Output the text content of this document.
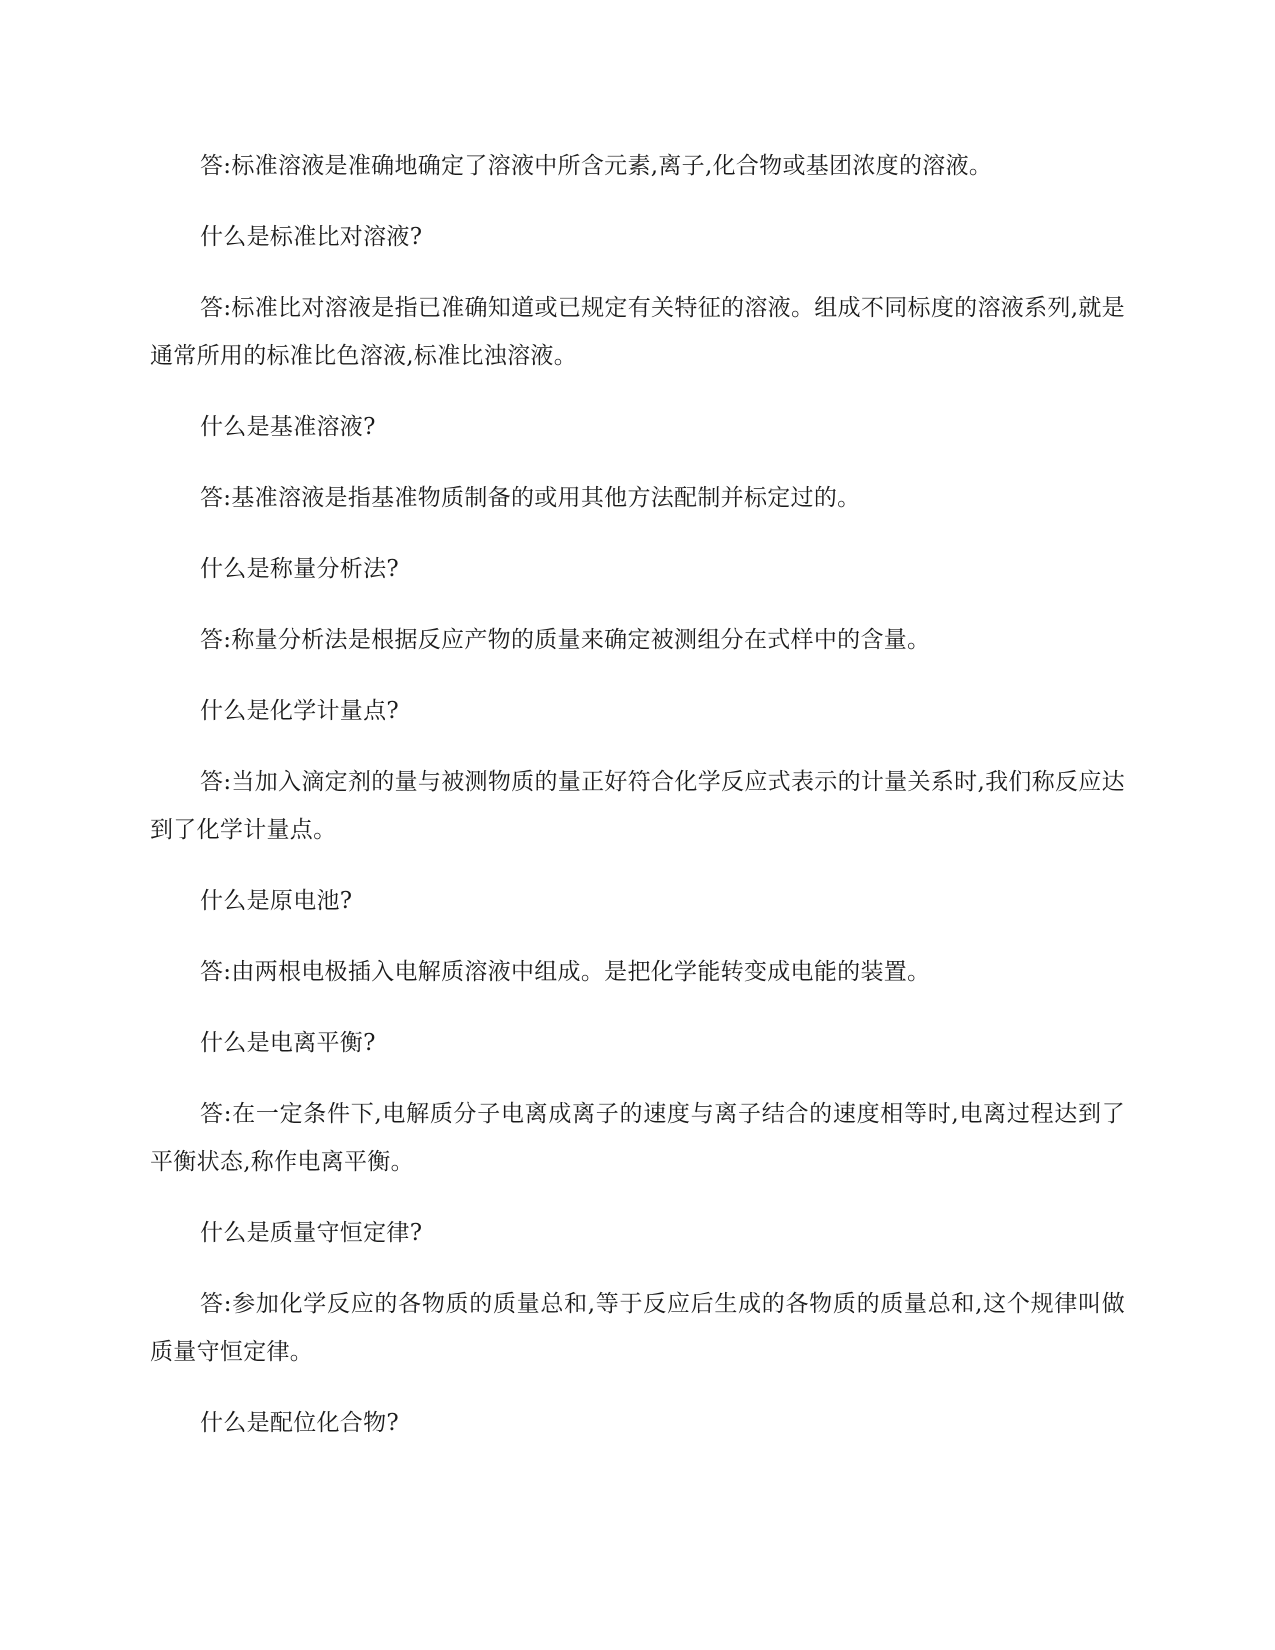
答:标准溶液是准确地确定了溶液中所含元素,离子,化合物或基团浓度的溶液。

什么是标准比对溶液?

答:标准比对溶液是指已准确知道或已规定有关特征的溶液。组成不同标度的溶液系列,就是通常所用的标准比色溶液,标准比浊溶液。

什么是基准溶液?

答:基准溶液是指基准物质制备的或用其他方法配制并标定过的。

什么是称量分析法?

答:称量分析法是根据反应产物的质量来确定被测组分在式样中的含量。

什么是化学计量点?

答:当加入滴定剂的量与被测物质的量正好符合化学反应式表示的计量关系时,我们称反应达到了化学计量点。

什么是原电池?

答:由两根电极插入电解质溶液中组成。是把化学能转变成电能的装置。

什么是电离平衡?

答:在一定条件下,电解质分子电离成离子的速度与离子结合的速度相等时,电离过程达到了平衡状态,称作电离平衡。

什么是质量守恒定律?

答:参加化学反应的各物质的质量总和,等于反应后生成的各物质的质量总和,这个规律叫做质量守恒定律。

什么是配位化合物?
